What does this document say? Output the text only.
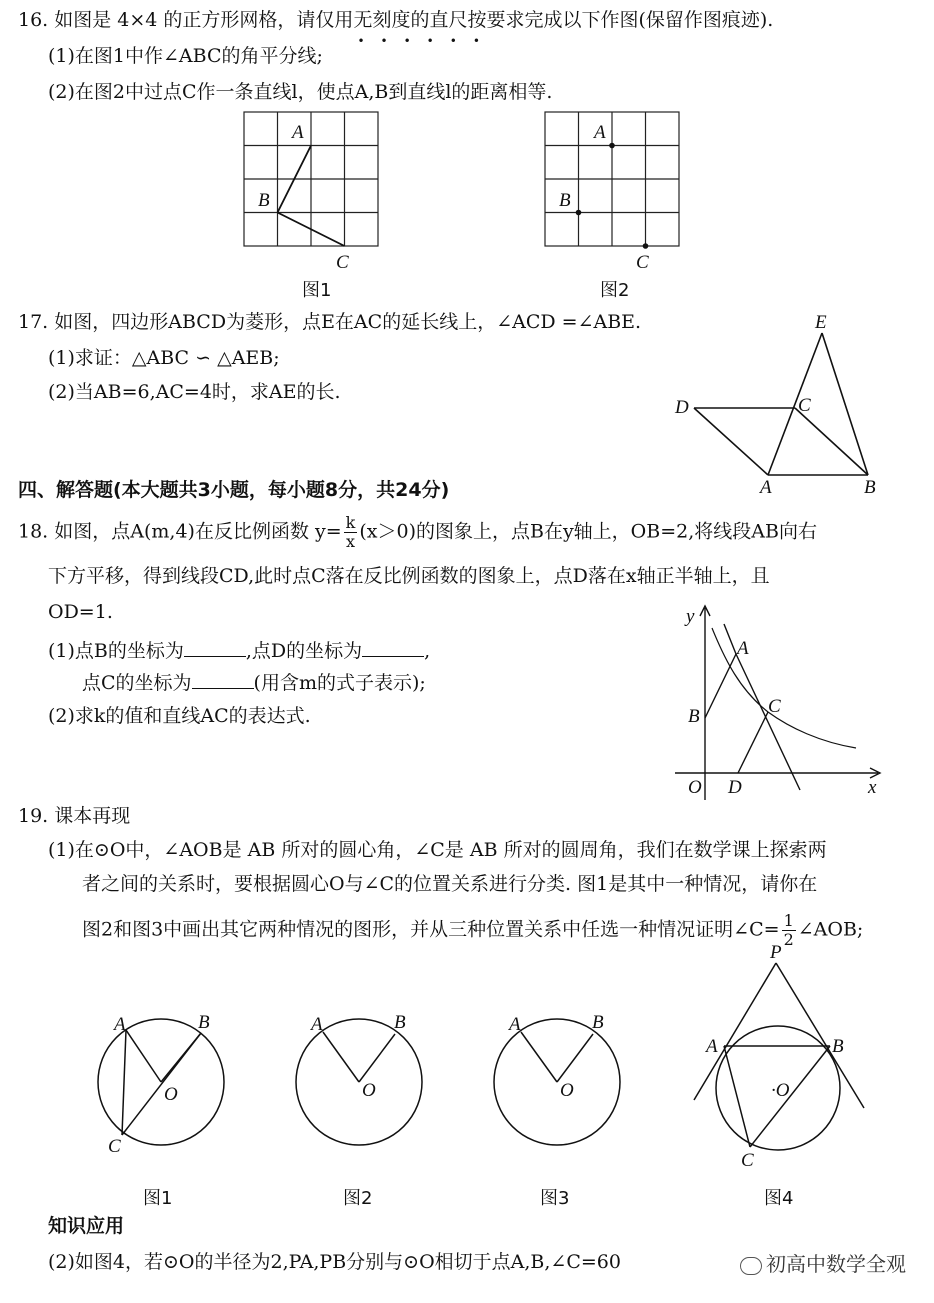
16. 如图是 4×4 的正方形网格，请仅用无刻度的
••••••
直尺按要求完成以下作图(保留作图痕迹).
(1)在图1中作∠ABC的角平分线;
(2)在图2中过点C作一条直线l，使点A,B到直线l的距离相等.
A
B
C
A
B
C
图1	图2
17. 如图，四边形ABCD为菱形，点E在AC的延长线上，∠ACD =∠ABE.
(1)求证：△ABC ∽ △AEB;
(2)当AB=6,AC=4时，求AE的长.
E
D	C
A	B
四、解答题(本大题共3小题，每小题8分，共24分)
18. 如图，点A(m,4)在反比例函数 $y= \frac{k}{x} (x>0)$的图象上，点B在y轴上，OB=2,将线段AB向右
下方平移，得到线段CD,此时点C落在反比例函数的图象上，点D落在x轴正半轴上，且
OD=1.
(1)点B的坐标为	,点D的坐标为	,
点C的坐标为	(用含m的式子表示);
(2)求k的值和直线AC的表达式.
y
A
B	C
O D	x
19. 课本再现
(1)在⊙O中，∠AOB是 AB 所对的圆心角，∠C是 AB 所对的圆周角，我们在数学课上探索两
者之间的关系时，要根据圆心O与∠C的位置关系进行分类. 图1是其中一种情况，请你在
图2和图3中画出其它两种情况的图形，并从三种位置关系中任选一种情况证明∠C= $\frac{1}{2}$ ∠AOB;
A	B
O
C
A	B
O
A	B
O
P
A	B
·O
C
图1	图2	图3	图4
知识应用
(2)如图4，若⊙O的半径为2,PA,PB分别与⊙O相切于点A,B,∠C=60	初高中数学全观
